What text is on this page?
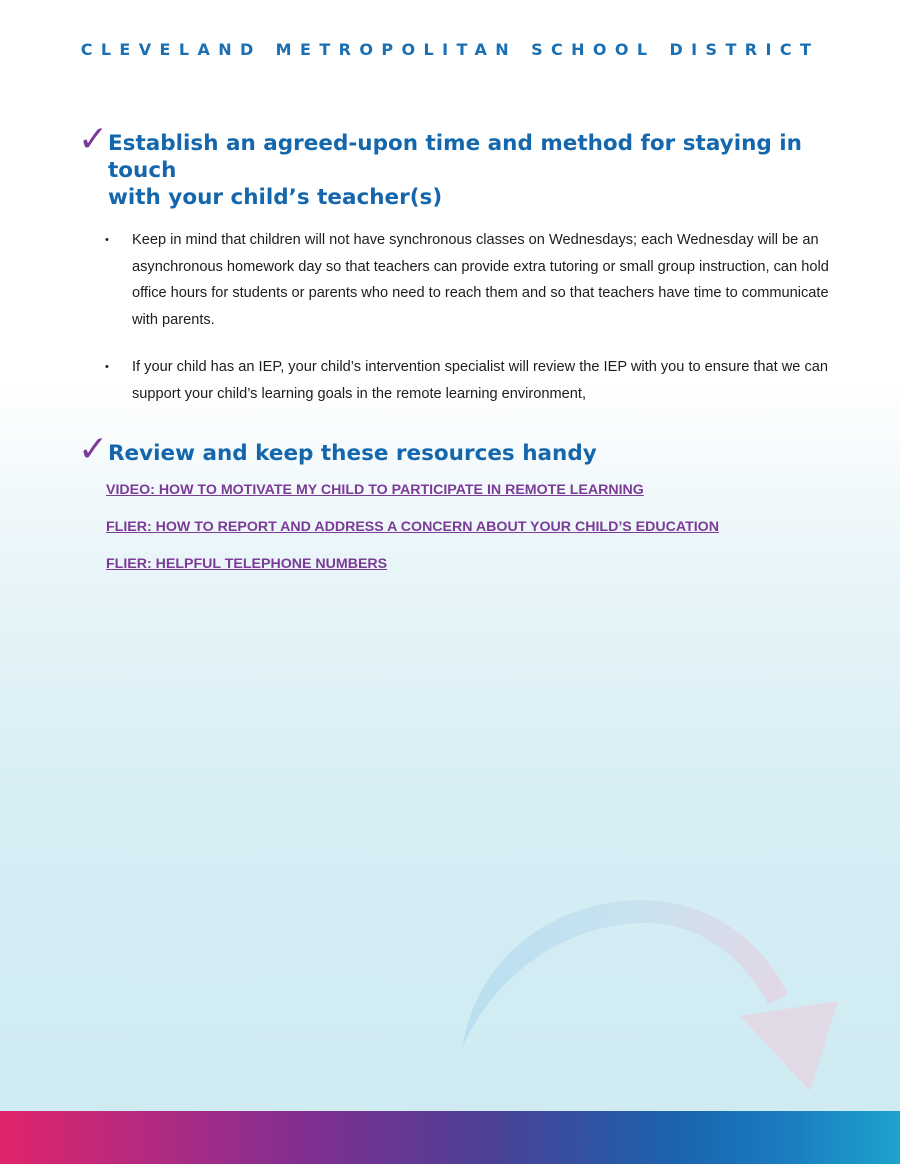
CLEVELAND METROPOLITAN SCHOOL DISTRICT
✓ Establish an agreed-upon time and method for staying in touch
with your child’s teacher(s)
• Keep in mind that children will not have synchronous classes on Wednesdays; each Wednesday will be an asynchronous homework day so that teachers can provide extra tutoring or small group instruction, can hold office hours for students or parents who need to reach them and so that teachers have time to communicate with parents.
• If your child has an IEP, your child’s intervention specialist will review the IEP with you to ensure that we can support your child’s learning goals in the remote learning environment,
✓ Review and keep these resources handy
VIDEO: HOW TO MOTIVATE MY CHILD TO PARTICIPATE IN REMOTE LEARNING
FLIER: HOW TO REPORT AND ADDRESS A CONCERN ABOUT YOUR CHILD’S EDUCATION
FLIER: HELPFUL TELEPHONE NUMBERS
